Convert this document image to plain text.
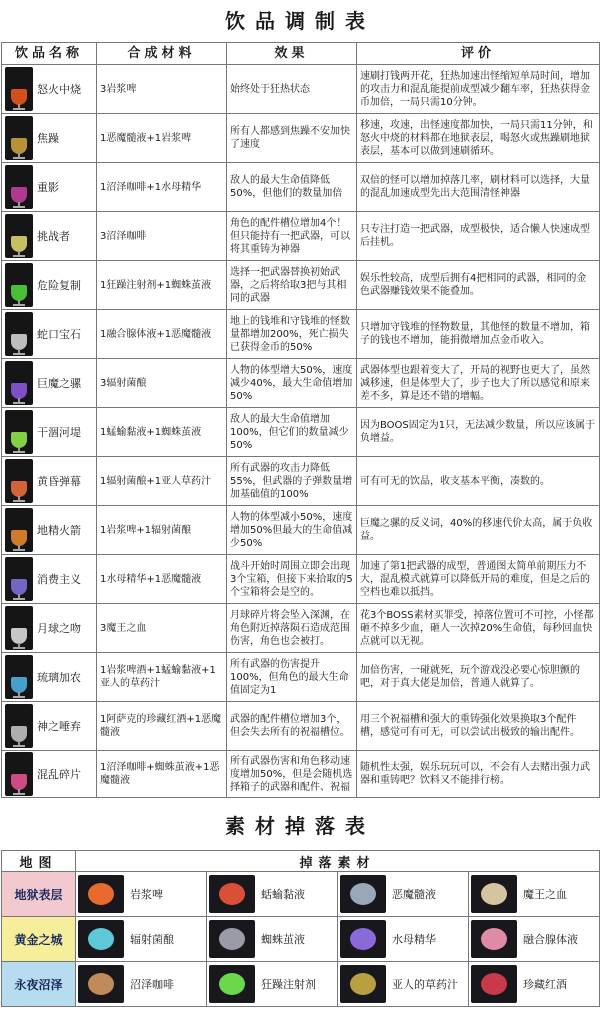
饮品调制表
饮品名称	合成材料	效果	评价

怒火中烧	3岩浆啤	始终处于狂热状态	速刷打钱两开花，狂热加速出怪缩短单局时间，增加的攻击力和混乱能提前成型减少翻车率，狂热获得金币加倍，一局只需10分钟。

焦躁	1恶魔髓液+1岩浆啤	所有人都感到焦躁不安加快了速度	移速，攻速，出怪速度都加快，一局只需11分钟，和怒火中烧的材料都在地狱表层，喝怒火或焦躁刷地狱表层，基本可以做到速刷循环。

重影	1沼泽咖啡+1水母精华	敌人的最大生命值降低50%，但他们的数量加倍	双倍的怪可以增加掉落几率，刷材料可以选择，大量的混乱加速成型先出大范围清怪神器

挑战者	3沼泽咖啡	角色的配件槽位增加4个！但只能持有一把武器，可以将其重铸为神器	只专注打造一把武器，成型极快，适合懒人快速成型后挂机。

危险复制	1狂躁注射剂+1蜘蛛茧液	选择一把武器替换初始武器，之后将给取3把与其相同的武器	娱乐性较高，成型后拥有4把相同的武器，相同的金色武器赚钱效果不能叠加。

蛇口宝石	1融合腺体液+1恶魔髓液	地上的钱堆和守钱堆的怪数量都增加200%，死亡损失已获得金币的50%	只增加守钱堆的怪物数量，其他怪的数量不增加，箱子的钱也不增加，能捐微增加点金币收入。

巨魔之骡	3辐射菌酿	人物的体型增大50%，速度减少40%，最大生命值增加50%	武器体型也跟着变大了，开局的视野也更大了，虽然减移速，但是体型大了，步子也大了所以感觉和原来差不多，算是还不错的增幅。

干涸河堤	1蜢蝓黏液+1蜘蛛茧液	敌人的最大生命值增加100%，但它们的数量减少50%	因为BOOS固定为1只，无法减少数量，所以应该属于负增益。

黄昏弹幕	1辐射菌酿+1亚人草药汁	所有武器的攻击力降低55%，但武器的子弹数量增加基础值的100%	可有可无的饮品，收支基本平衡，凑数的。

地精火箭	1岩浆啤+1辐射菌酿	人物的体型减小50%，速度增加50%但最大的生命值减少50%	巨魔之骡的反义词，40%的移速代价太高，属于负收益。

消费主义	1水母精华+1恶魔髓液	战斗开始时周围立即会出现3个宝箱，但接下来拾取的5个宝箱将会是空的。	加速了第1把武器的成型，普通图太简单前期压力不大，混乱模式就算可以降低开局的难度，但是之后的空档也难以抵挡。

月球之吻	3魔王之血	月球碎片将会坠入深渊，在角色附近掉落陨石造成范围伤害，角色也会被打。	花3个BOSS素材买罪受，掉落位置可不可控，小怪都砸不掉多少血，砸人一次掉20%生命值，每秒回血快点就可以无视。

琉璃加农	1岩浆啤酒+1蜢蝓黏液+1亚人的草药汁	所有武器的伤害提升100%，但角色的最大生命值固定为1	加倍伤害，一碰就死，玩个游戏没必要心惊胆颤的吧，对于真大佬是加倍，普通人就算了。

神之唾弃	1阿萨克的珍藏红酒+1恶魔髓液	武器的配件槽位增加3个，但会失去所有的祝福槽位。	用三个祝福槽和强大的重铸强化效果换取3个配件槽，感觉可有可无，可以尝试出极致的输出配件。

混乱碎片	1沼泽咖啡+蜘蛛茧液+1恶魔髓液	所有武器伤害和角色移动速度增加50%，但是会随机选择箱子的武器和配件、祝福	随机性太强，娱乐玩玩可以，不会有人去赌出强力武器和重铸吧？饮料又不能排行榜。
素材掉落表
地图	掉落素材			
地狱表层	岩浆啤	蛞蝓黏液	恶魔髓液	魔王之血

黄金之城	辐射菌酿	蜘蛛茧液	水母精华	融合腺体液

永夜沼泽	沼泽咖啡	狂躁注射剂	亚人的草药汁	珍藏红酒
